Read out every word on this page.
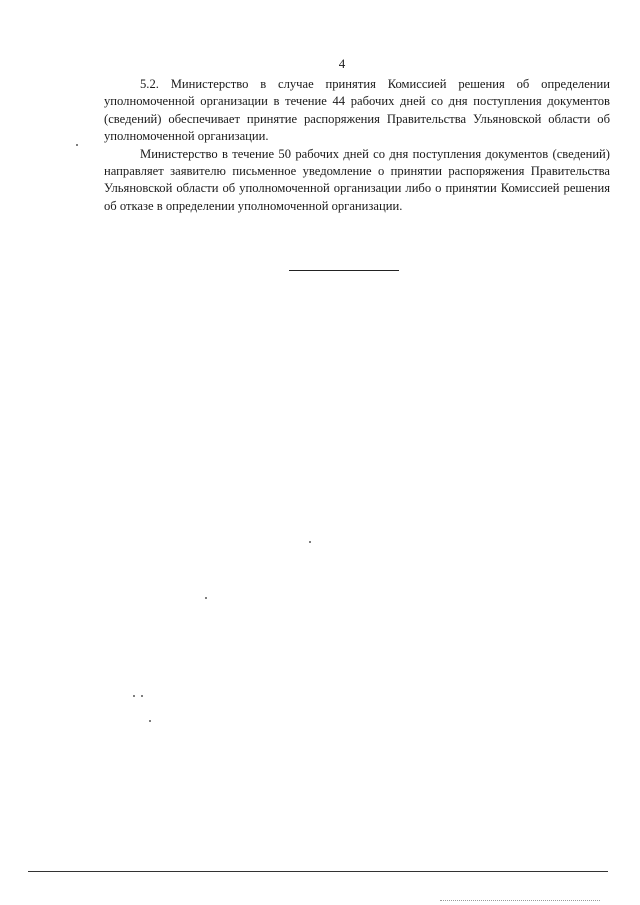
4

5.2. Министерство в случае принятия Комиссией решения об определении уполномоченной организации в течение 44 рабочих дней со дня поступления документов (сведений) обеспечивает принятие распоряжения Правительства Ульяновской области об уполномоченной организации.

Министерство в течение 50 рабочих дней со дня поступления документов (сведений) направляет заявителю письменное уведомление о принятии распоряжения Правительства Ульяновской области об уполномоченной организации либо о принятии Комиссией решения об отказе в определении уполномоченной организации.
